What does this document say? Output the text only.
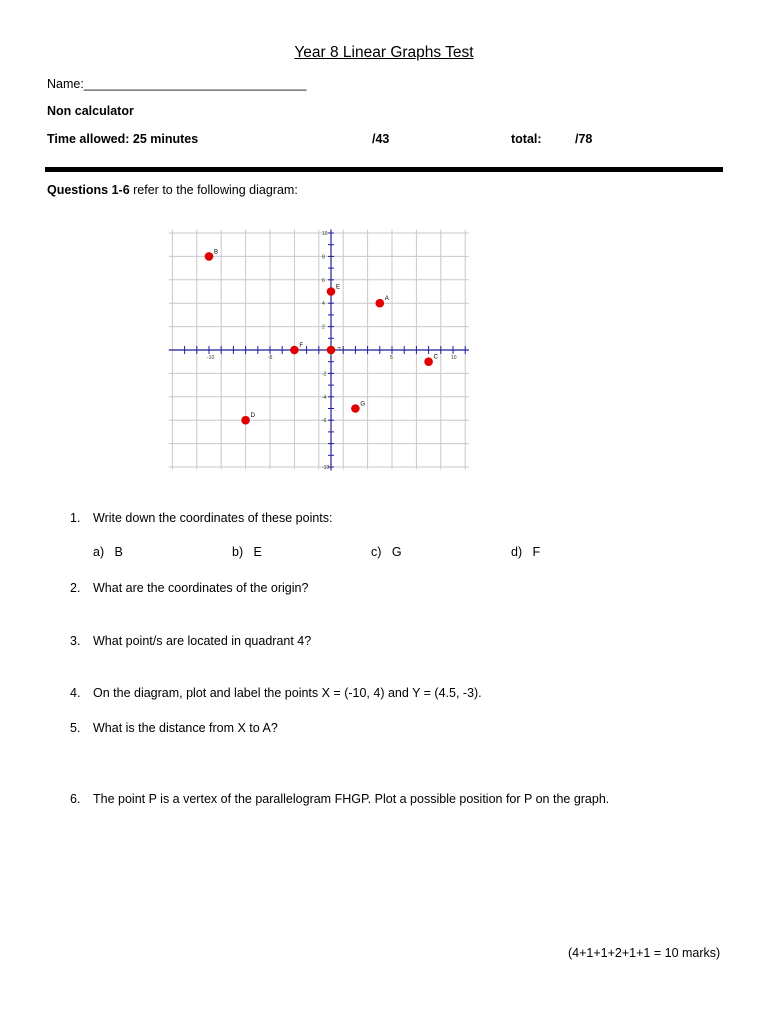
Year 8 Linear Graphs Test
Name:________________________________
Non calculator
Time allowed: 25 minutes	/43	total:	/78
Questions 1-6 refer to the following diagram:
-10	-5	5	10
10
8
6
4
2
-2
-4
-6
-10
H
B
E
A
F
C
G
D
1.	Write down the coordinates of these points:
a) B	b) E	c) G	d) F
2.	What are the coordinates of the origin?
3.	What point/s are located in quadrant 4?
4.	On the diagram, plot and label the points X = (-10, 4) and Y = (4.5, -3).
5.	What is the distance from X to A?
6.	The point P is a vertex of the parallelogram FHGP. Plot a possible position for P on the graph.
(4+1+1+2+1+1 = 10 marks)
